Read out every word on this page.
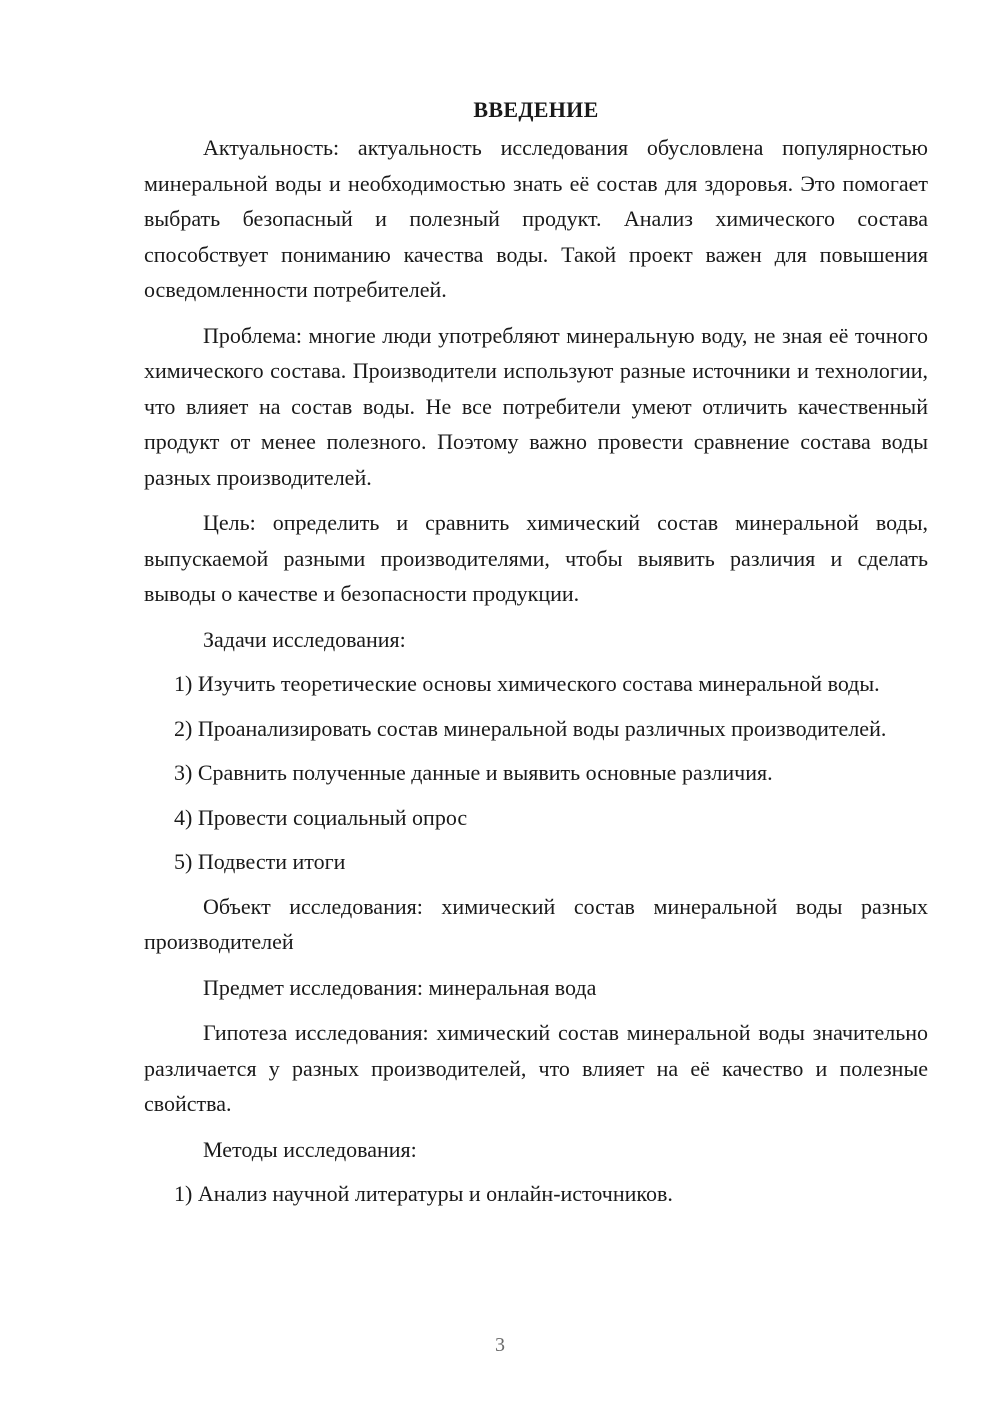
ВВЕДЕНИЕ

Актуальность: актуальность исследования обусловлена популярностью минеральной воды и необходимостью знать её состав для здоровья. Это помогает выбрать безопасный и полезный продукт. Анализ химического состава способствует пониманию качества воды. Такой проект важен для повышения осведомленности потребителей.

Проблема: многие люди употребляют минеральную воду, не зная её точного химического состава. Производители используют разные источники и технологии, что влияет на состав воды. Не все потребители умеют отличить качественный продукт от менее полезного. Поэтому важно провести сравнение состава воды разных производителей.

Цель: определить и сравнить химический состав минеральной воды, выпускаемой разными производителями, чтобы выявить различия и сделать выводы о качестве и безопасности продукции.

Задачи исследования:

1) Изучить теоретические основы химического состава минеральной воды.

2) Проанализировать состав минеральной воды различных производителей.

3) Сравнить полученные данные и выявить основные различия.

4) Провести социальный опрос

5) Подвести итоги

Объект исследования: химический состав минеральной воды разных производителей

Предмет исследования: минеральная вода

Гипотеза исследования: химический состав минеральной воды значительно различается у разных производителей, что влияет на её качество и полезные свойства.

Методы исследования:

1) Анализ научной литературы и онлайн-источников.

3
